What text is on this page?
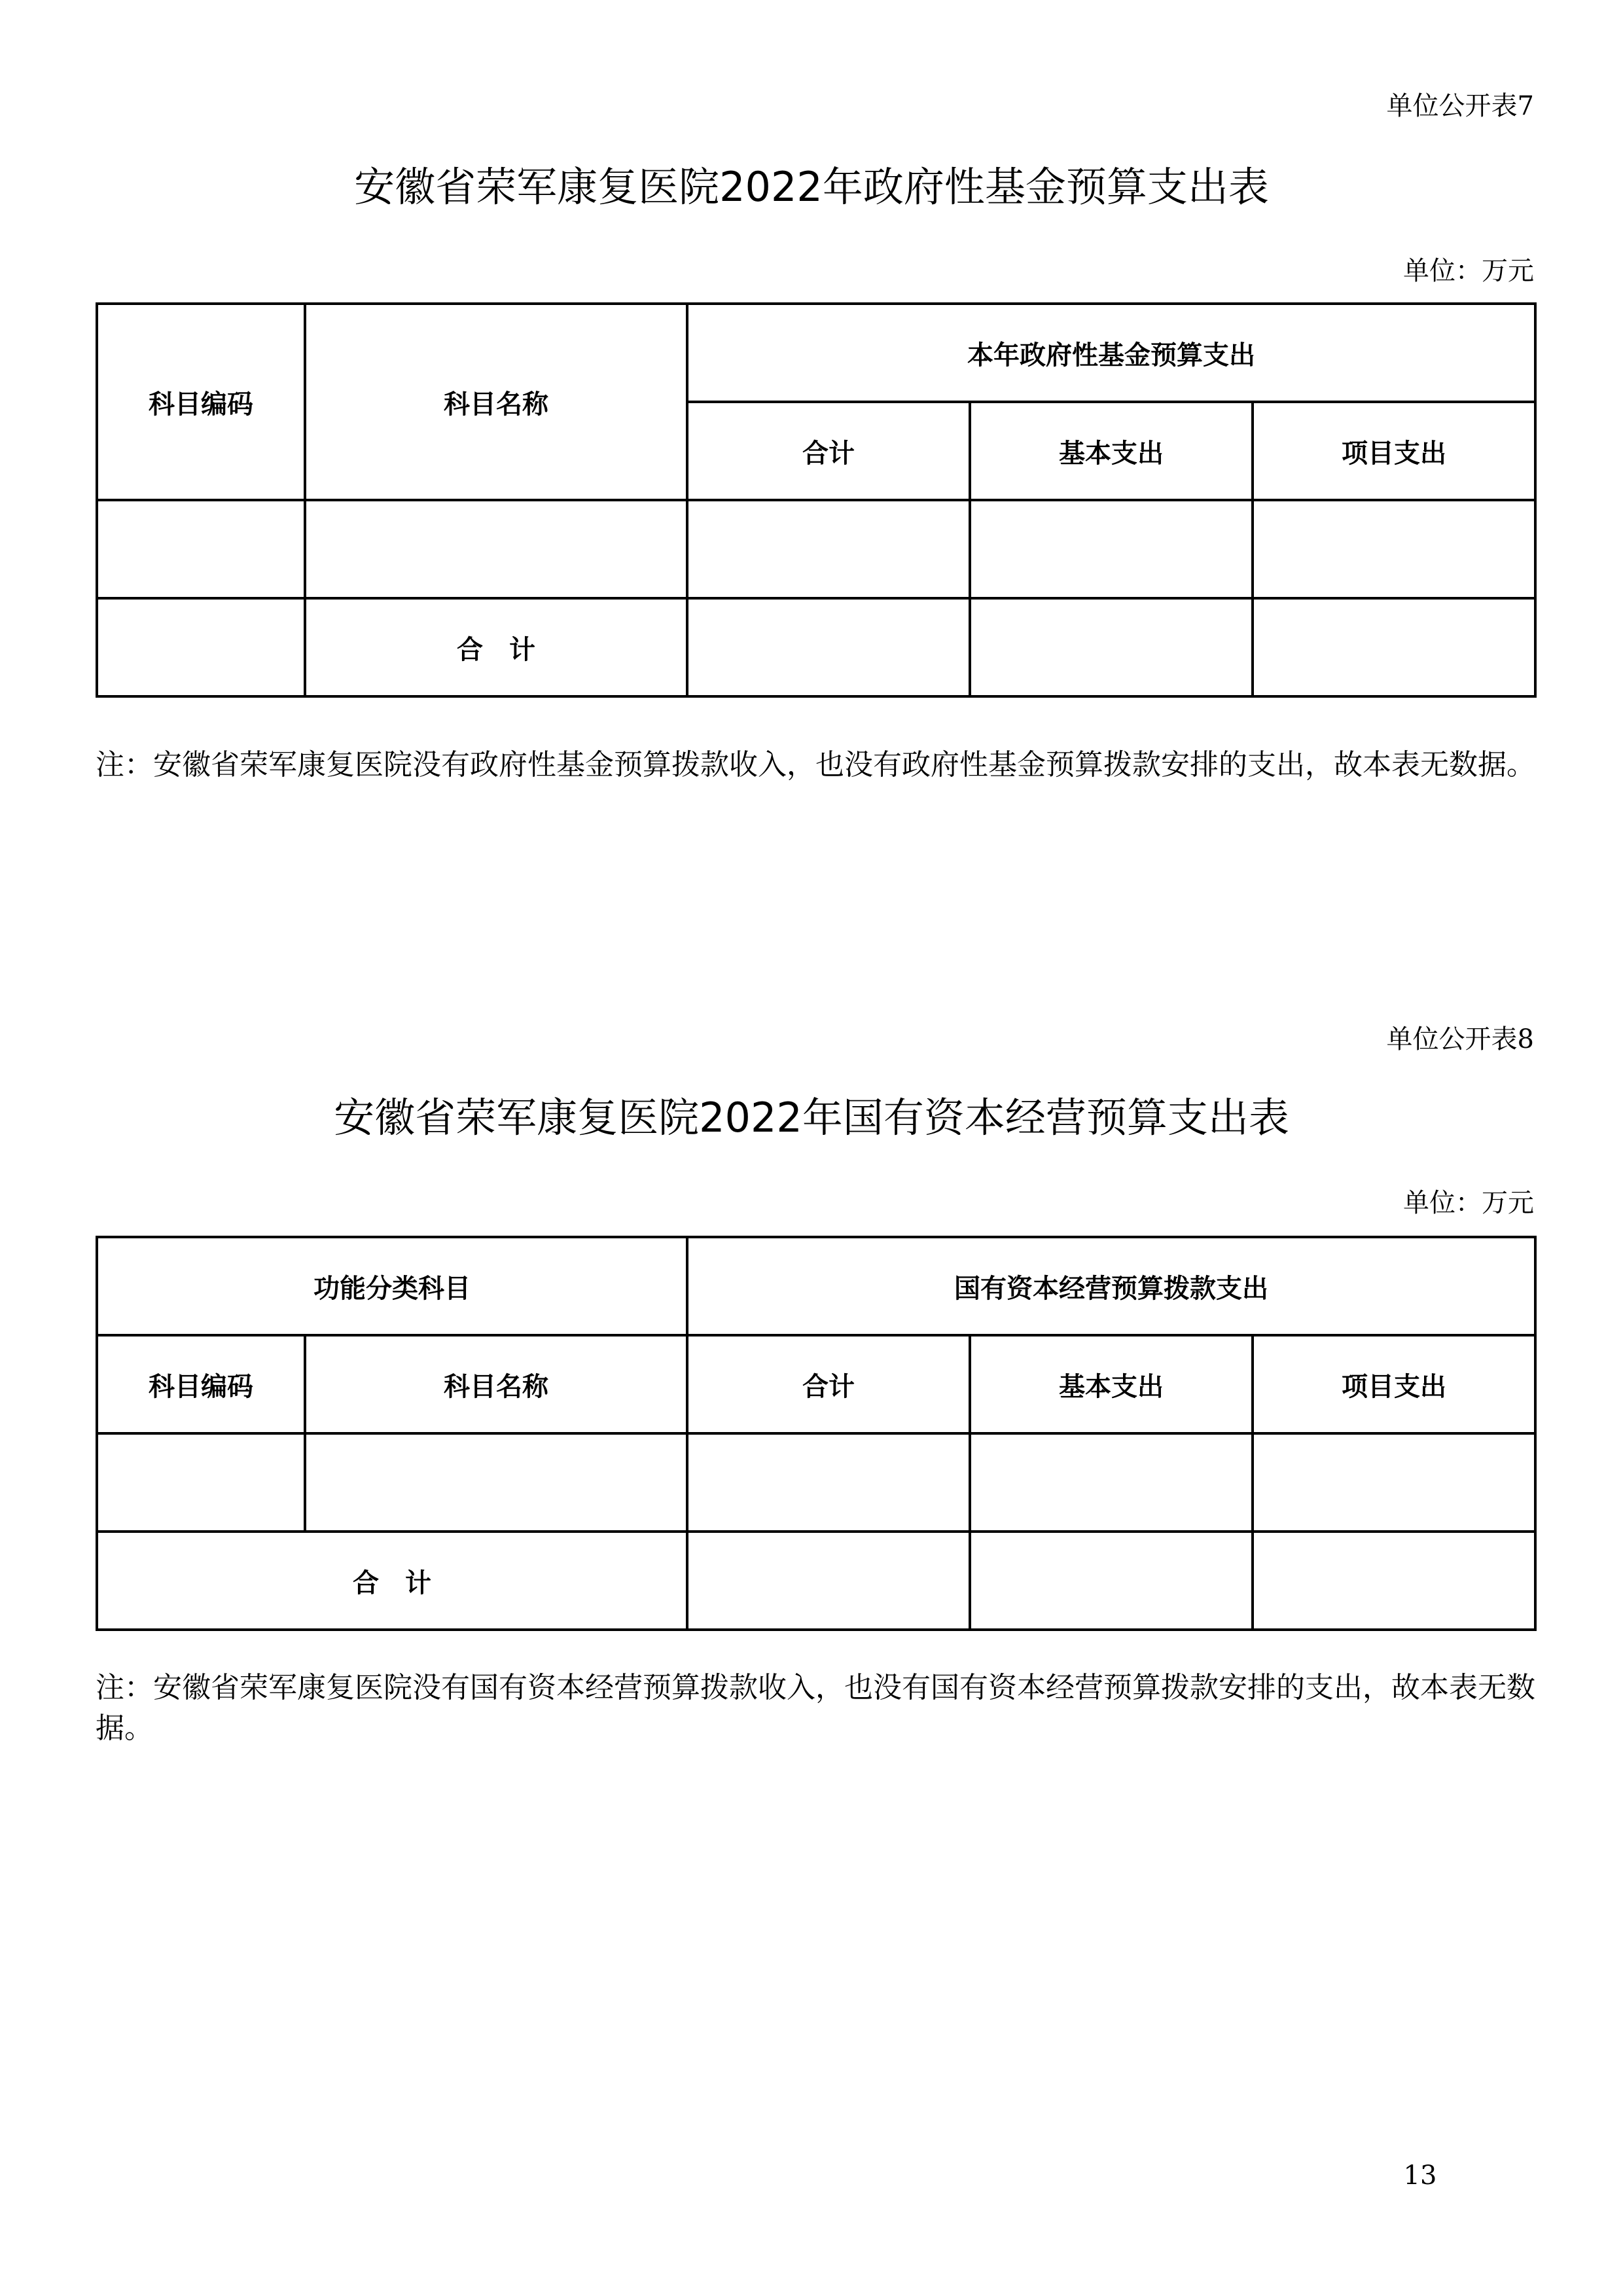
单位公开表7
安徽省荣军康复医院2022年政府性基金预算支出表
单位：万元
科目编码	科目名称	本年政府性基金预算支出		
		合计	基本支出	项目支出

	合　计			
注：安徽省荣军康复医院没有政府性基金预算拨款收入，也没有政府性基金预算拨款安排的支出，故本表无数据。
单位公开表8
安徽省荣军康复医院2022年国有资本经营预算支出表
单位：万元
功能分类科目		国有资本经营预算拨款支出		
科目编码	科目名称	合计	基本支出	项目支出

合　计				
注：安徽省荣军康复医院没有国有资本经营预算拨款收入，也没有国有资本经营预算拨款安排的支出，故本表无数据。
13
